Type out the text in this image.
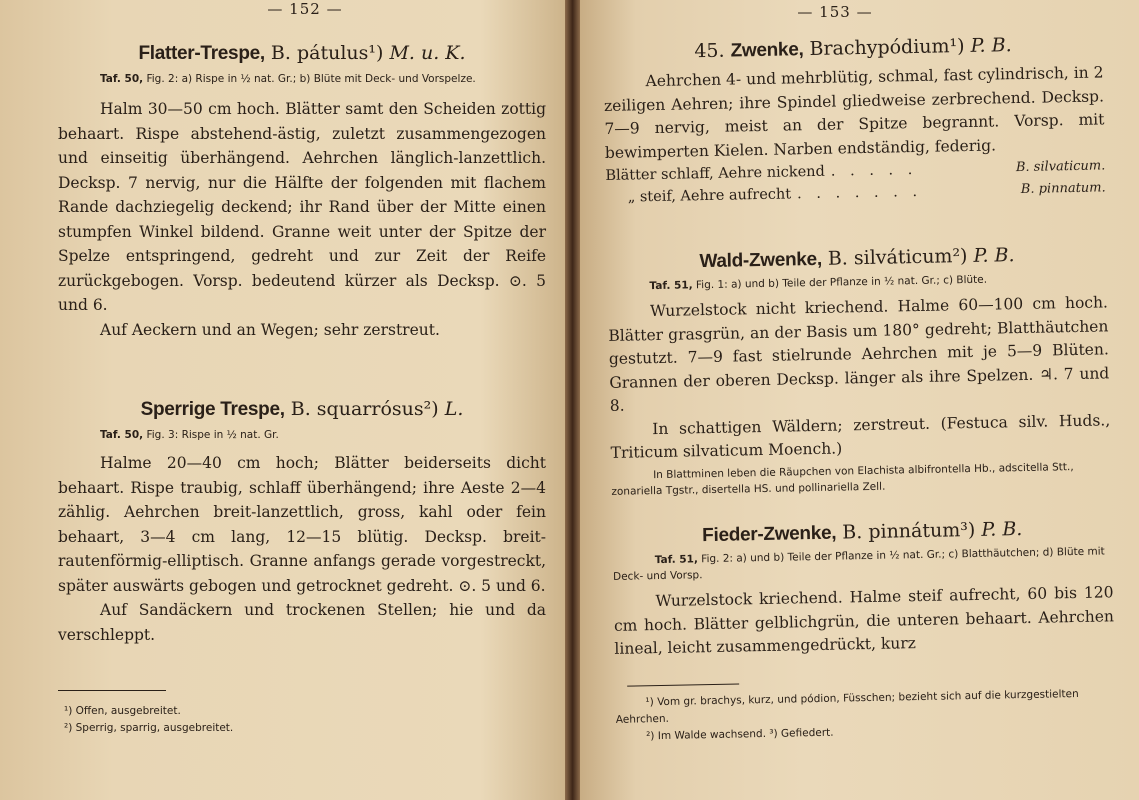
— 152 —
Flatter-Trespe, B. pátulus¹) M. u. K.
Taf. 50, Fig. 2: a) Rispe in ½ nat. Gr.; b) Blüte mit Deck- und Vorspelze.

Halm 30—50 cm hoch. Blätter samt den Scheiden zottig behaart. Rispe abstehend-ästig, zuletzt zusammengezogen und einseitig überhängend. Aehrchen länglich-lanzettlich. Decksp. 7 nervig, nur die Hälfte der folgenden mit flachem Rande dachziegelig deckend; ihr Rand über der Mitte einen stumpfen Winkel bildend. Granne weit unter der Spitze der Spelze entspringend, gedreht und zur Zeit der Reife zurückgebogen. Vorsp. bedeutend kürzer als Decksp. ⊙. 5 und 6.

Auf Aeckern und an Wegen; sehr zerstreut.

Sperrige Trespe, B. squarrósus²) L.
Taf. 50, Fig. 3: Rispe in ½ nat. Gr.

Halme 20—40 cm hoch; Blätter beiderseits dicht behaart. Rispe traubig, schlaff überhängend; ihre Aeste 2—4 zählig. Aehrchen breit-lanzettlich, gross, kahl oder fein behaart, 3—4 cm lang, 12—15 blütig. Decksp. breit-rautenförmig-elliptisch. Granne anfangs gerade vorgestreckt, später auswärts gebogen und getrocknet gedreht. ⊙. 5 und 6.

Auf Sandäckern und trockenen Stellen; hie und da verschleppt.

¹) Offen, ausgebreitet.
²) Sperrig, sparrig, ausgebreitet.
— 153 —
45. Zwenke, Brachypódium¹) P. B.

Aehrchen 4- und mehrblütig, schmal, fast cylindrisch, in 2 zeiligen Aehren; ihre Spindel gliedweise zerbrechend. Decksp. 7—9 nervig, meist an der Spitze begrannt. Vorsp. mit bewimperten Kielen. Narben endständig, federig.

Blätter schlaff, Aehre nickend . . . . .	B. silvaticum.
„ steif, Aehre aufrecht . . . . . . .	B. pinnatum.
Wald-Zwenke, B. silváticum²) P. B.
Taf. 51, Fig. 1: a) und b) Teile der Pflanze in ½ nat. Gr.; c) Blüte.

Wurzelstock nicht kriechend. Halme 60—100 cm hoch. Blätter grasgrün, an der Basis um 180° gedreht; Blatthäutchen gestutzt. 7—9 fast stielrunde Aehrchen mit je 5—9 Blüten. Grannen der oberen Decksp. länger als ihre Spelzen. ♃. 7 und 8.

In schattigen Wäldern; zerstreut. (Festuca silv. Huds., Triticum silvaticum Moench.)

In Blattminen leben die Räupchen von Elachista albifrontella Hb., adscitella Stt., zonariella Tgstr., disertella HS. und pollinariella Zell.
Fieder-Zwenke, B. pinnátum³) P. B.
Taf. 51, Fig. 2: a) und b) Teile der Pflanze in ½ nat. Gr.; c) Blatthäutchen; d) Blüte mit Deck- und Vorsp.

Wurzelstock kriechend. Halme steif aufrecht, 60 bis 120 cm hoch. Blätter gelblichgrün, die unteren behaart. Aehrchen lineal, leicht zusammengedrückt, kurz

¹) Vom gr. brachys, kurz, und pódion, Füsschen; bezieht sich auf die kurzgestielten Aehrchen.
²) Im Walde wachsend. ³) Gefiedert.
